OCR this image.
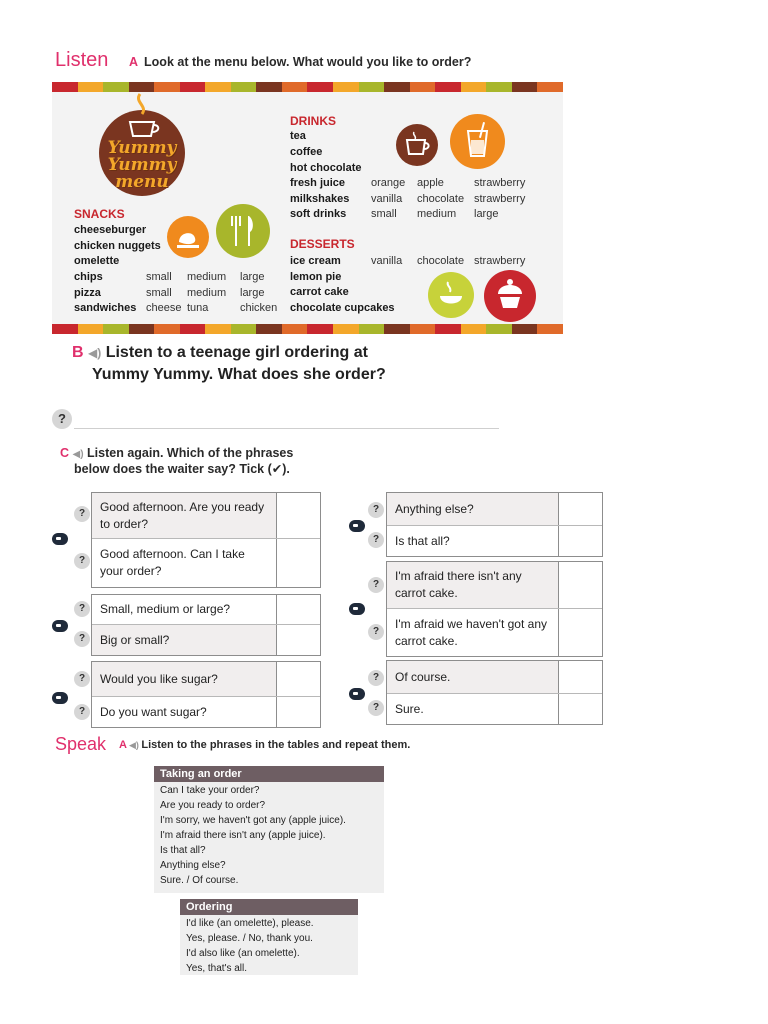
Listen A Look at the menu below. What would you like to order?
Yummy
Yummy
menu
SNACKS
cheeseburger
chicken nuggets
omelette
chips
pizza
sandwiches
small medium large
small medium large
cheese tuna	chicken
DRINKS
tea
coffee
hot chocolate
fresh juice
milkshakes
soft drinks
orange apple	strawberry
vanilla chocolate strawberry
small medium large
DESSERTS
ice cream
lemon pie
carrot cake
chocolate cupcakes
vanilla chocolate strawberry
B ◀) Listen to a teenage girl ordering at
Yummy Yummy. What does she order?
?
C ◀) Listen again. Which of the phrases
below does the waiter say? Tick (✔).
Good afternoon. Are you ready to order?
Good afternoon. Can I take your order?
?
?
Small, medium or large?
Big or small?
?
?
Would you like sugar?
Do you want sugar?
?
?
Anything else?
Is that all?
?
?
I'm afraid there isn't any carrot cake.
I'm afraid we haven't got any carrot cake.
?
?
Of course.
Sure.
?
?
Speak A ◀) Listen to the phrases in the tables and repeat them.
Taking an order
Can I take your order?
Are you ready to order?
I'm sorry, we haven't got any (apple juice).
I'm afraid there isn't any (apple juice).
Is that all?
Anything else?
Sure. / Of course.
Ordering
I'd like (an omelette), please.
Yes, please. / No, thank you.
I'd also like (an omelette).
Yes, that's all.
